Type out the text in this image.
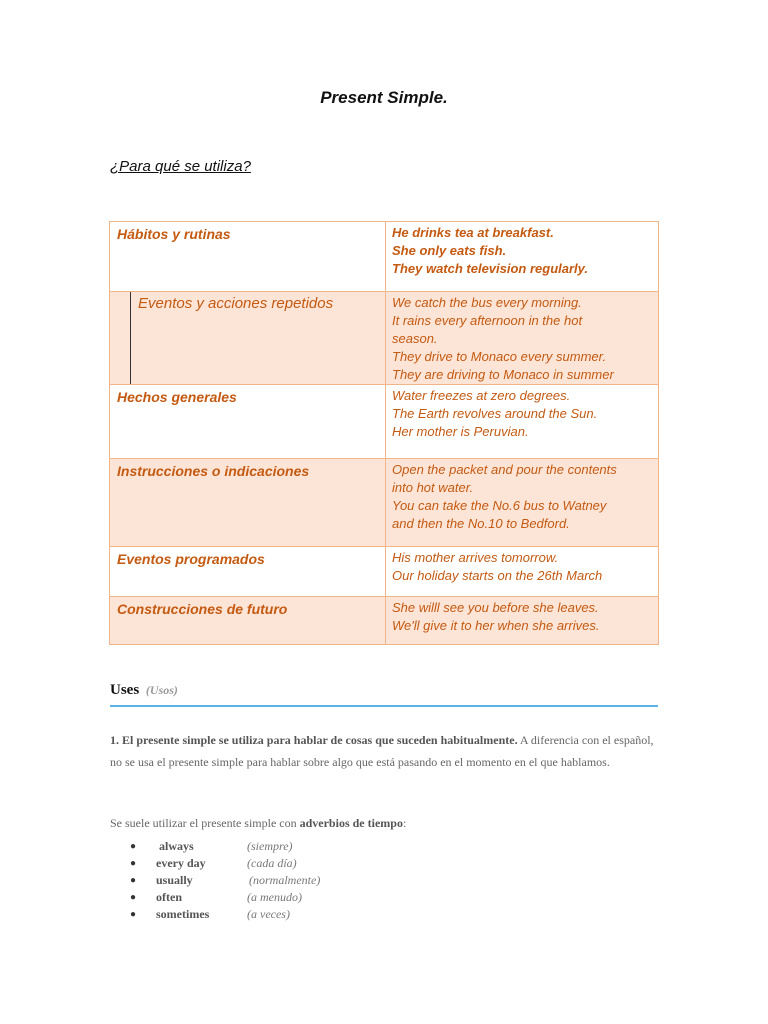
Present Simple.
¿Para qué se utiliza?
Hábitos y rutinas	He drinks tea at breakfast.
She only eats fish.
They watch television regularly.

Eventos y acciones repetidos	We catch the bus every morning.
It rains every afternoon in the hot
season.
They drive to Monaco every summer.
They are driving to Monaco in summer

Hechos generales	Water freezes at zero degrees.
The Earth revolves around the Sun.
Her mother is Peruvian.

Instrucciones o indicaciones	Open the packet and pour the contents
into hot water.
You can take the No.6 bus to Watney
and then the No.10 to Bedford.

Eventos programados	His mother arrives tomorrow.
Our holiday starts on the 26th March

Construcciones de futuro	She willl see you before she leaves.
We'll give it to her when she arrives.
Uses (Usos)
1. El presente simple se utiliza para hablar de cosas que suceden habitualmente. A diferencia con el español, no se usa el presente simple para hablar sobre algo que está pasando en el momento en el que hablamos.
Se suele utilizar el presente simple con adverbios de tiempo:
● always	(siempre)
● every day	(cada día)
● usually	(normalmente)
● often	(a menudo)
● sometimes	(a veces)
